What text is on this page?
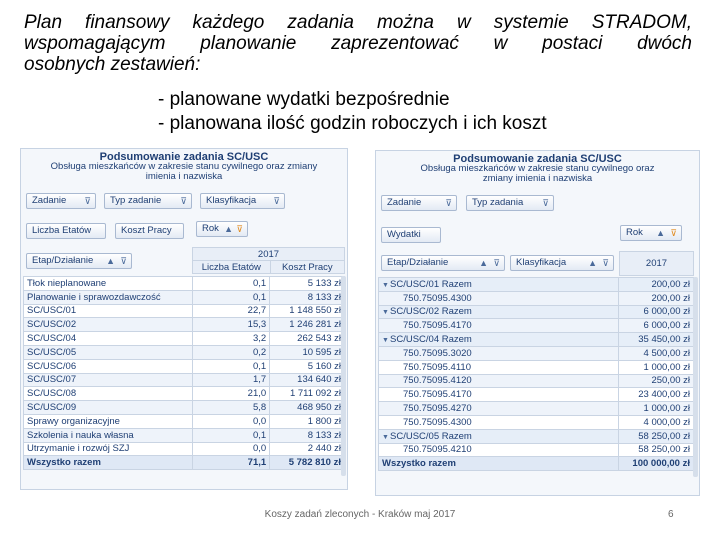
Plan finansowy każdego zadania można w systemie STRADOM,
wspomagającym planowanie zaprezentować w postaci dwóch
osobnych zestawień:
- planowane wydatki bezpośrednie
- planowana ilość godzin roboczych i ich koszt
Podsumowanie zadania SC/USC
Obsługa mieszkańców w zakresie stanu cywilnego oraz zmiany
imienia i nazwiska
Zadanie ⊽	Typ zadanie ⊽	Klasyfikacja ⊽
Liczba Etatów	Koszt Pracy	Rok ▲ ⊽
Etap/Działanie ▲ ⊽
2017
Liczba Etatów	Koszt Pracy
Tłok nieplanowane	0,1	5 133 zł
Planowanie i sprawozdawczość	0,1	8 133 zł
SC/USC/01	22,7	1 148 550 zł
SC/USC/02	15,3	1 246 281 zł
SC/USC/04	3,2	262 543 zł
SC/USC/05	0,2	10 595 zł
SC/USC/06	0,1	5 160 zł
SC/USC/07	1,7	134 640 zł
SC/USC/08	21,0	1 711 092 zł
SC/USC/09	5,8	468 950 zł
Sprawy organizacyjne	0,0	1 800 zł
Szkolenia i nauka własna	0,1	8 133 zł
Utrzymanie i rozwój SZJ	0,0	2 440 zł
Wszystko razem	71,1	5 782 810 zł
Podsumowanie zadania SC/USC
Obsługa mieszkańców w zakresie stanu cywilnego oraz
zmiany imienia i nazwiska
Zadanie	⊽	Typ zadania ⊽
Wydatki	Rok ▲ ⊽
Etap/Działanie	▲ ⊽	Klasyfikacja ▲ ⊽	2017
▼SC/USC/01 Razem	200,00 zł
750.75095.4300	200,00 zł
▼SC/USC/02 Razem	6 000,00 zł
750.75095.4170	6 000,00 zł
▼SC/USC/04 Razem	35 450,00 zł
750.75095.3020	4 500,00 zł
750.75095.4110	1 000,00 zł
750.75095.4120	250,00 zł
750.75095.4170	23 400,00 zł
750.75095.4270	1 000,00 zł
750.75095.4300	4 000,00 zł
▼SC/USC/05 Razem	58 250,00 zł
750.75095.4210	58 250,00 zł
Wszystko razem	100 000,00 zł
Koszy zadań zleconych - Kraków maj 2017	6
